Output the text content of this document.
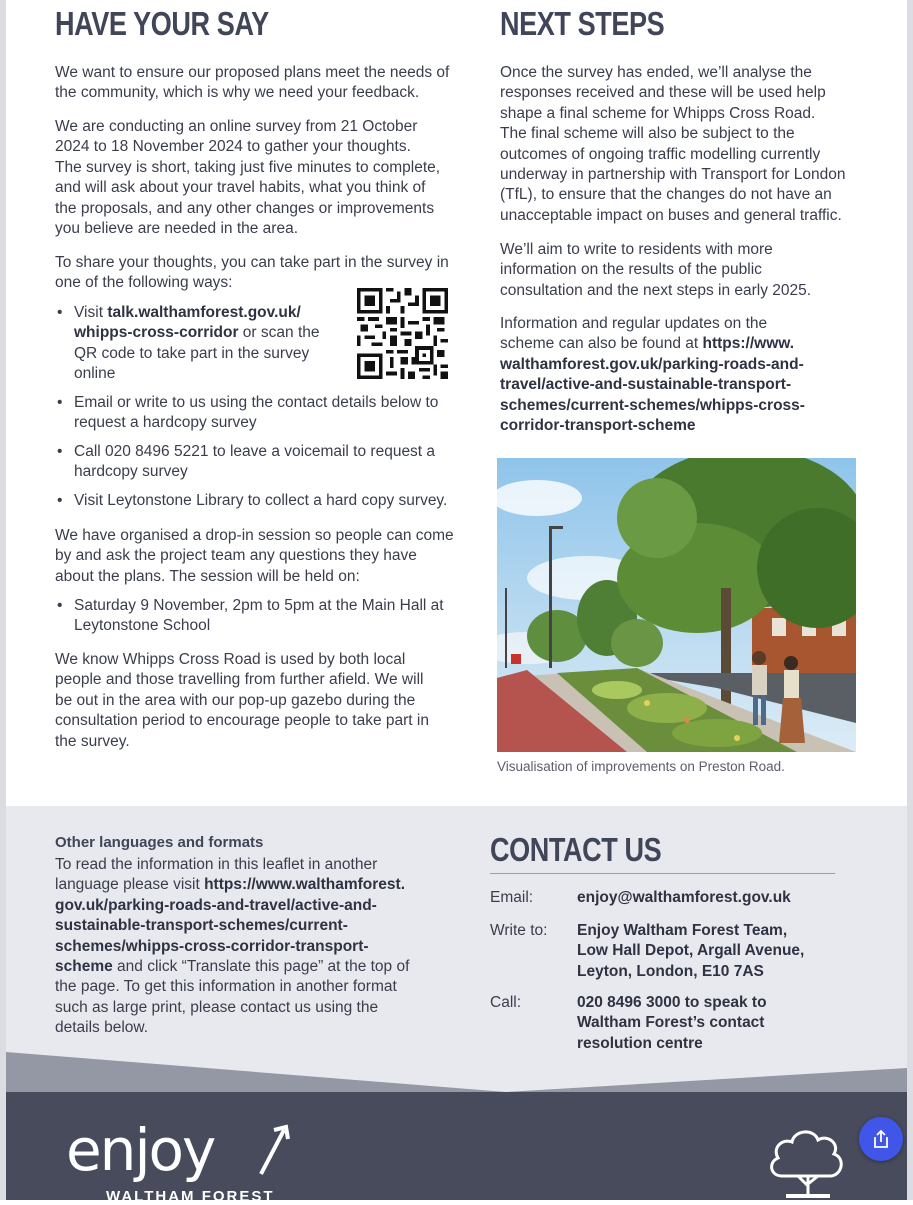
HAVE YOUR SAY

We want to ensure our proposed plans meet the needs of the community, which is why we need your feedback.

We are conducting an online survey from 21 October
2024 to 18 November 2024 to gather your thoughts.
The survey is short, taking just five minutes to complete,
and will ask about your travel habits, what you think of
the proposals, and any other changes or improvements
you believe are needed in the area.

To share your thoughts, you can take part in the survey in one of the following ways:

• Visit talk.walthamforest.gov.uk/
whipps-cross-corridor or scan the
QR code to take part in the survey
online
• Email or write to us using the contact details below to request a hardcopy survey
• Call 020 8496 5221 to leave a voicemail to request a hardcopy survey
• Visit Leytonstone Library to collect a hard copy survey.

We have organised a drop-in session so people can come by and ask the project team any questions they have about the plans. The session will be held on:

• Saturday 9 November, 2pm to 5pm at the Main Hall at Leytonstone School

We know Whipps Cross Road is used by both local people and those travelling from further afield. We will be out in the area with our pop-up gazebo during the consultation period to encourage people to take part in the survey.

NEXT STEPS

Once the survey has ended, we’ll analyse the
responses received and these will be used help
shape a final scheme for Whipps Cross Road.
The final scheme will also be subject to the
outcomes of ongoing traffic modelling currently
underway in partnership with Transport for London
(TfL), to ensure that the changes do not have an
unacceptable impact on buses and general traffic.

We’ll aim to write to residents with more
information on the results of the public
consultation and the next steps in early 2025.

Information and regular updates on the
scheme can also be found at https://www.
walthamforest.gov.uk/parking-roads-and-
travel/active-and-sustainable-transport-
schemes/current-schemes/whipps-cross-
corridor-transport-scheme

Visualisation of improvements on Preston Road.
Other languages and formats
To read the information in this leaflet in another
language please visit https://www.walthamforest.
gov.uk/parking-roads-and-travel/active-and-
sustainable-transport-schemes/current-
schemes/whipps-cross-corridor-transport-
scheme and click “Translate this page” at the top of
the page. To get this information in another format
such as large print, please contact us using the
details below.
CONTACT US
Email:	enjoy@walthamforest.gov.uk
Write to: Enjoy Waltham Forest Team,
Low Hall Depot, Argall Avenue,
Leyton, London, E10 7AS
Call:	020 8496 3000 to speak to
Waltham Forest’s contact
resolution centre
enjoy
WALTHAM FOREST
